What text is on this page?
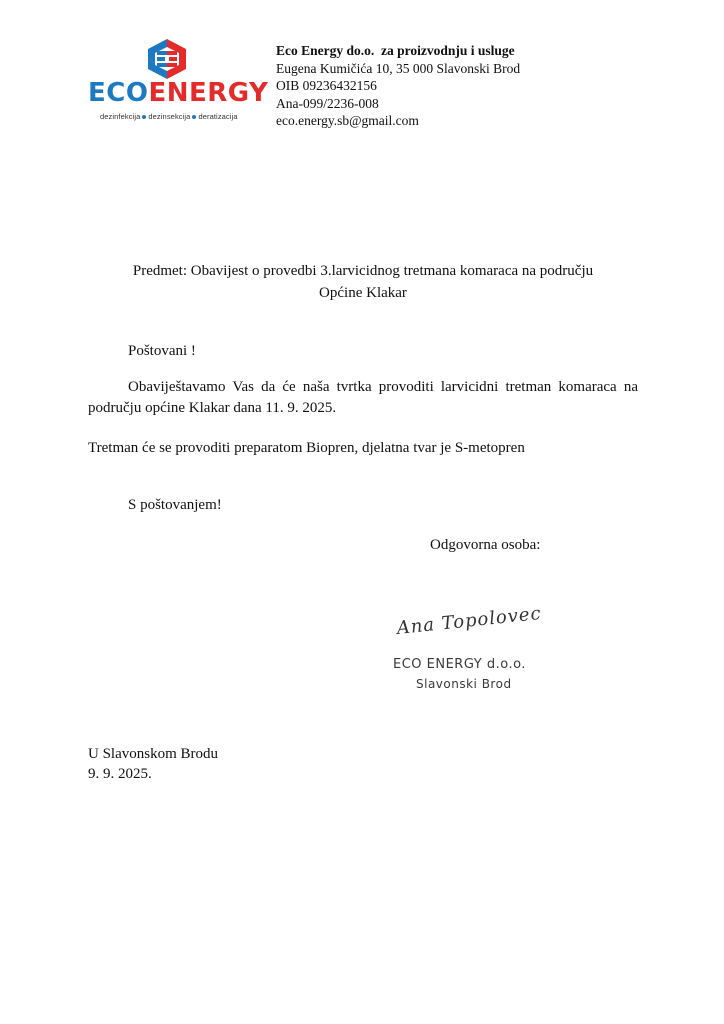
ECOENERGY
dezinfekcija dezinsekcija deratizacija
Eco Energy do.o.  za proizvodnju i usluge
Eugena Kumičića 10, 35 000 Slavonski Brod
OIB 09236432156
Ana-099/2236-008
eco.energy.sb@gmail.com
Predmet: Obavijest o provedbi 3.larvicidnog tretmana komaraca na području
Općine Klakar
Poštovani !
Obaviještavamo Vas da će naša tvrtka provoditi larvicidni tretman komaraca na području općine Klakar dana 11. 9. 2025.
Tretman će se provoditi preparatom Biopren, djelatna tvar je S-metopren
S poštovanjem!
Odgovorna osoba:
Ana Topolovec
ECO ENERGY d.o.o.
Slavonski Brod
U Slavonskom Brodu
9. 9. 2025.
